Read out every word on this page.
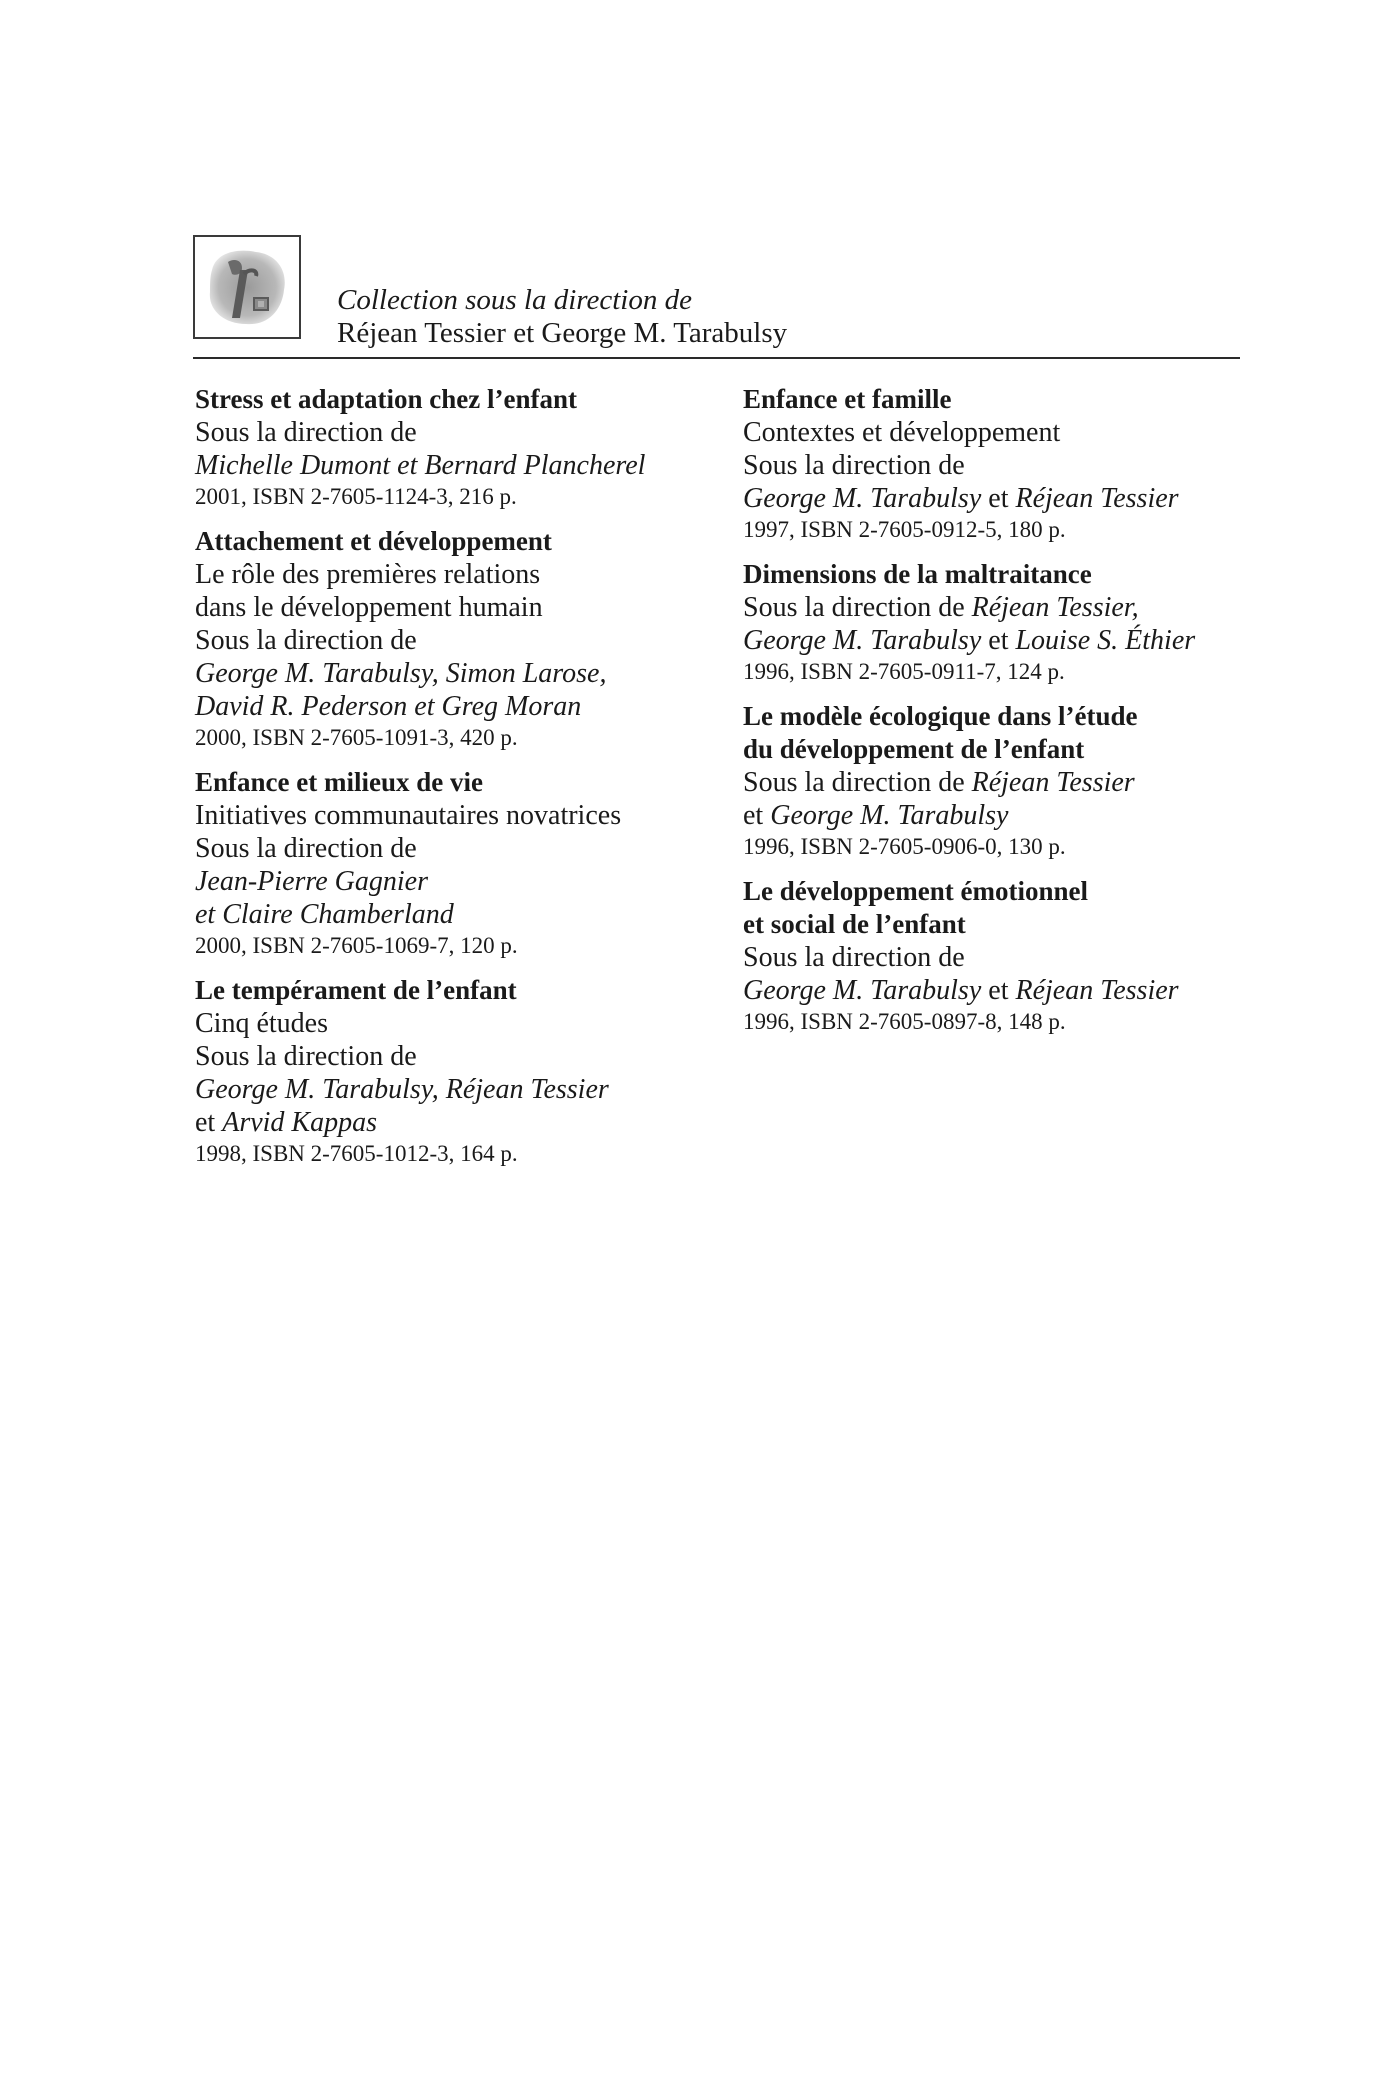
Collection sous la direction de
Réjean Tessier et George M. Tarabulsy
Stress et adaptation chez l’enfant
Sous la direction de
Michelle Dumont et Bernard Plancherel
2001, ISBN 2-7605-1124-3, 216 p.
Attachement et développement
Le rôle des premières relations
dans le développement humain
Sous la direction de
George M. Tarabulsy, Simon Larose,
David R. Pederson et Greg Moran
2000, ISBN 2-7605-1091-3, 420 p.
Enfance et milieux de vie
Initiatives communautaires novatrices
Sous la direction de
Jean-Pierre Gagnier
et Claire Chamberland
2000, ISBN 2-7605-1069-7, 120 p.
Le tempérament de l’enfant
Cinq études
Sous la direction de
George M. Tarabulsy, Réjean Tessier
et Arvid Kappas
1998, ISBN 2-7605-1012-3, 164 p.
Enfance et famille
Contextes et développement
Sous la direction de
George M. Tarabulsy et Réjean Tessier
1997, ISBN 2-7605-0912-5, 180 p.
Dimensions de la maltraitance
Sous la direction de Réjean Tessier,
George M. Tarabulsy et Louise S. Éthier
1996, ISBN 2-7605-0911-7, 124 p.
Le modèle écologique dans l’étude
du développement de l’enfant
Sous la direction de Réjean Tessier
et George M. Tarabulsy
1996, ISBN 2-7605-0906-0, 130 p.
Le développement émotionnel
et social de l’enfant
Sous la direction de
George M. Tarabulsy et Réjean Tessier
1996, ISBN 2-7605-0897-8, 148 p.
